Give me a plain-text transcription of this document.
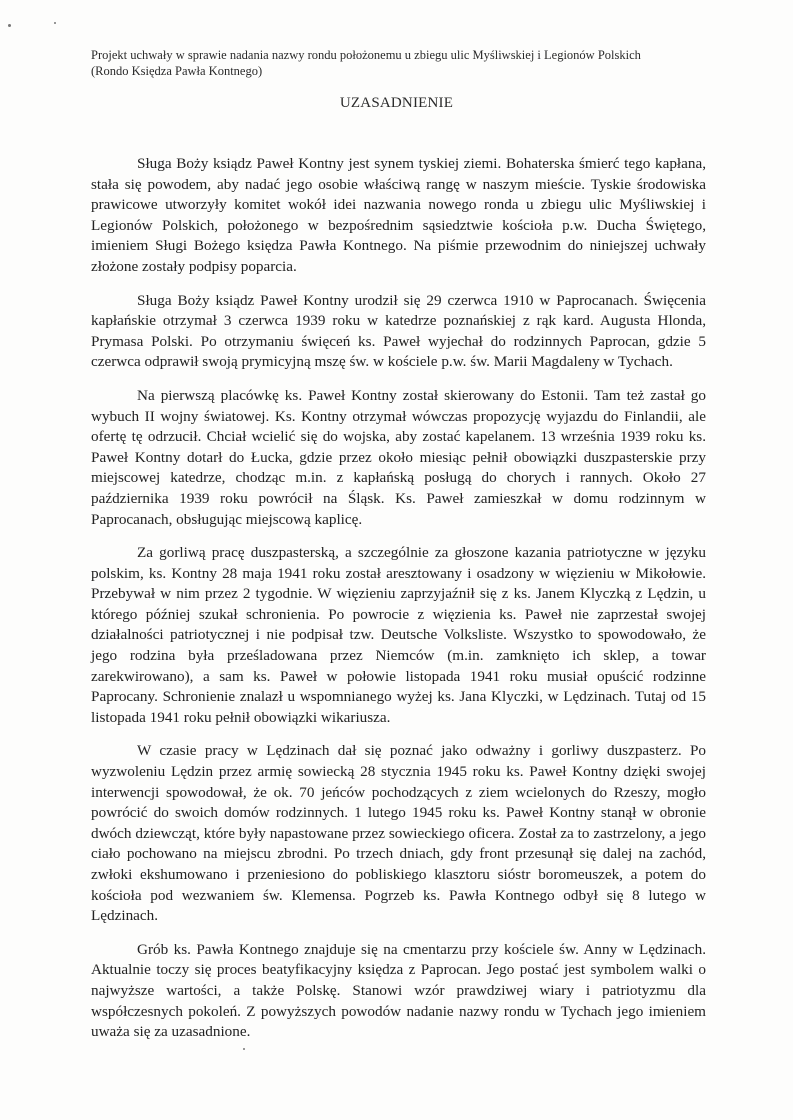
Projekt uchwały w sprawie nadania nazwy rondu położonemu u zbiegu ulic Myśliwskiej i Legionów Polskich
(Rondo Księdza Pawła Kontnego)
UZASADNIENIE

Sługa Boży ksiądz Paweł Kontny jest synem tyskiej ziemi. Bohaterska śmierć tego kapłana, stała się powodem, aby nadać jego osobie właściwą rangę w naszym mieście. Tyskie środowiska prawicowe utworzyły komitet wokół idei nazwania nowego ronda u zbiegu ulic Myśliwskiej i Legionów Polskich, położonego w bezpośrednim sąsiedztwie kościoła p.w. Ducha Świętego, imieniem Sługi Bożego księdza Pawła Kontnego. Na piśmie przewodnim do niniejszej uchwały złożone zostały podpisy poparcia.

Sługa Boży ksiądz Paweł Kontny urodził się 29 czerwca 1910 w Paprocanach. Święcenia kapłańskie otrzymał 3 czerwca 1939 roku w katedrze poznańskiej z rąk kard. Augusta Hlonda, Prymasa Polski. Po otrzymaniu święceń ks. Paweł wyjechał do rodzinnych Paprocan, gdzie 5 czerwca odprawił swoją prymicyjną mszę św. w kościele p.w. św. Marii Magdaleny w Tychach.

Na pierwszą placówkę ks. Paweł Kontny został skierowany do Estonii. Tam też zastał go wybuch II wojny światowej. Ks. Kontny otrzymał wówczas propozycję wyjazdu do Finlandii, ale ofertę tę odrzucił. Chciał wcielić się do wojska, aby zostać kapelanem. 13 września 1939 roku ks. Paweł Kontny dotarł do Łucka, gdzie przez około miesiąc pełnił obowiązki duszpasterskie przy miejscowej katedrze, chodząc m.in. z kapłańską posługą do chorych i rannych. Około 27 października 1939 roku powrócił na Śląsk. Ks. Paweł zamieszkał w domu rodzinnym w Paprocanach, obsługując miejscową kaplicę.

Za gorliwą pracę duszpasterską, a szczególnie za głoszone kazania patriotyczne w języku polskim, ks. Kontny 28 maja 1941 roku został aresztowany i osadzony w więzieniu w Mikołowie. Przebywał w nim przez 2 tygodnie. W więzieniu zaprzyjaźnił się z ks. Janem Klyczką z Lędzin, u którego później szukał schronienia. Po powrocie z więzienia ks. Paweł nie zaprzestał swojej działalności patriotycznej i nie podpisał tzw. Deutsche Volksliste. Wszystko to spowodowało, że jego rodzina była prześladowana przez Niemców (m.in. zamknięto ich sklep, a towar zarekwirowano), a sam ks. Paweł w połowie listopada 1941 roku musiał opuścić rodzinne Paprocany. Schronienie znalazł u wspomnianego wyżej ks. Jana Klyczki, w Lędzinach. Tutaj od 15 listopada 1941 roku pełnił obowiązki wikariusza.

W czasie pracy w Lędzinach dał się poznać jako odważny i gorliwy duszpasterz. Po wyzwoleniu Lędzin przez armię sowiecką 28 stycznia 1945 roku ks. Paweł Kontny dzięki swojej interwencji spowodował, że ok. 70 jeńców pochodzących z ziem wcielonych do Rzeszy, mogło powrócić do swoich domów rodzinnych. 1 lutego 1945 roku ks. Paweł Kontny stanął w obronie dwóch dziewcząt, które były napastowane przez sowieckiego oficera. Został za to zastrzelony, a jego ciało pochowano na miejscu zbrodni. Po trzech dniach, gdy front przesunął się dalej na zachód, zwłoki ekshumowano i przeniesiono do pobliskiego klasztoru sióstr boromeuszek, a potem do kościoła pod wezwaniem św. Klemensa. Pogrzeb ks. Pawła Kontnego odbył się 8 lutego w Lędzinach.

Grób ks. Pawła Kontnego znajduje się na cmentarzu przy kościele św. Anny w Lędzinach. Aktualnie toczy się proces beatyfikacyjny księdza z Paprocan. Jego postać jest symbolem walki o najwyższe wartości, a także Polskę. Stanowi wzór prawdziwej wiary i patriotyzmu dla współczesnych pokoleń. Z powyższych powodów nadanie nazwy rondu w Tychach jego imieniem uważa się za uzasadnione.
